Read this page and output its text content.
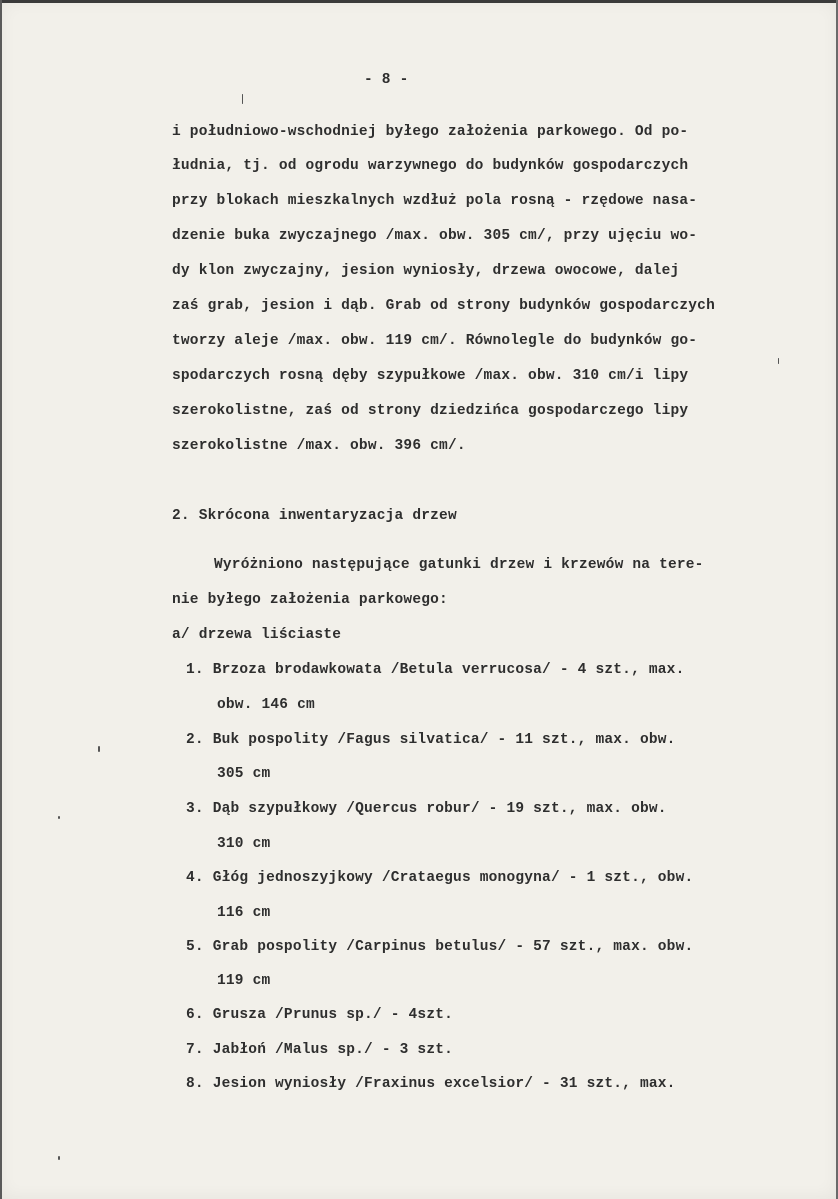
- 8 -
i południowo-wschodniej byłego założenia parkowego. Od po-
łudnia, tj. od ogrodu warzywnego do budynków gospodarczych
przy blokach mieszkalnych wzdłuż pola rosną - rzędowe nasa-
dzenie buka zwyczajnego /max. obw. 305 cm/, przy ujęciu wo-
dy klon zwyczajny, jesion wyniosły, drzewa owocowe, dalej
zaś grab, jesion i dąb. Grab od strony budynków gospodarczych
tworzy aleje /max. obw. 119 cm/. Równolegle do budynków go-
spodarczych rosną dęby szypułkowe /max. obw. 310 cm/i lipy
szerokolistne, zaś od strony dziedzińca gospodarczego lipy
szerokolistne /max. obw. 396 cm/.
2. Skrócona inwentaryzacja drzew
Wyróżniono następujące gatunki drzew i krzewów na tere-
nie byłego założenia parkowego:
a/ drzewa liściaste
1. Brzoza brodawkowata /Betula verrucosa/ - 4 szt., max.
obw. 146 cm
2. Buk pospolity /Fagus silvatica/ - 11 szt., max. obw.
305 cm
3. Dąb szypułkowy /Quercus robur/ - 19 szt., max. obw.
310 cm
4. Głóg jednoszyjkowy /Crataegus monogyna/ - 1 szt., obw.
116 cm
5. Grab pospolity /Carpinus betulus/ - 57 szt., max. obw.
119 cm
6. Grusza /Prunus sp./ - 4szt.
7. Jabłoń /Malus sp./ - 3 szt.
8. Jesion wyniosły /Fraxinus excelsior/ - 31 szt., max.
